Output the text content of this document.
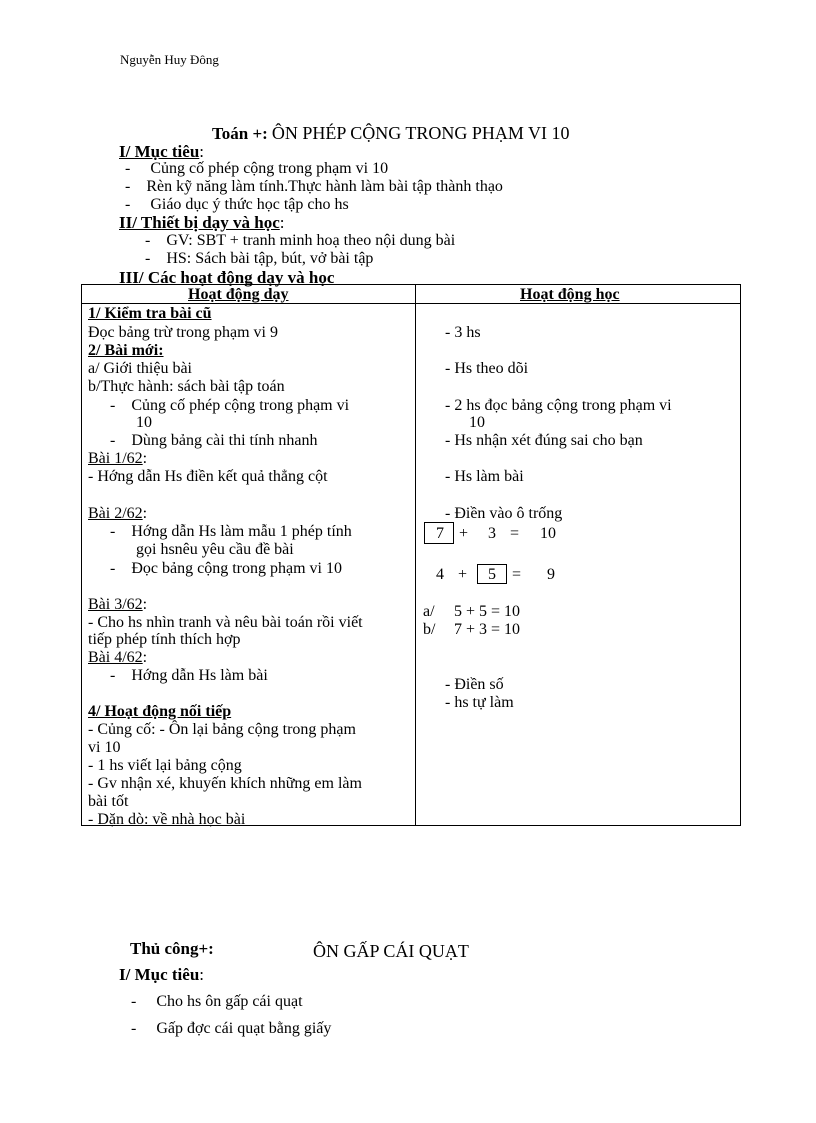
Nguyễn Huy Đông
Toán +: ÔN PHÉP CỘNG TRONG PHẠM VI 10
I/ Mục tiêu:
-     Củng cố phép cộng trong phạm vi 10
-    Rèn kỹ năng làm tính.Thực hành làm bài tập thành thạo
-     Giáo dục ý thức học tập cho hs
II/ Thiết bị dạy và học:
-    GV: SBT + tranh minh hoạ theo nội dung bài
-    HS: Sách bài tập, bút, vở bài tập
III/ Các hoạt động dạy và học
Hoạt động dạy	Hoạt động học
1/ Kiểm tra bài cũ
Đọc bảng trừ trong phạm vi 9
2/ Bài mới:
a/ Giới thiệu bài
b/Thực hành: sách bài tập toán
-    Củng cố phép cộng trong phạm vi
10
-    Dùng bảng cài thi tính nhanh
Bài 1/62:
- Hớng dẫn Hs điền kết quả thẳng cột
Bài 2/62:
-    Hớng dẫn Hs làm mẫu 1 phép tính
gọi hsnêu yêu cầu đề bài
-    Đọc bảng cộng trong phạm vi 10
Bài 3/62:
- Cho hs nhìn tranh và nêu bài toán rồi viết
tiếp phép tính thích hợp
Bài 4/62:
-    Hớng dẫn Hs làm bài
4/ Hoạt động nối tiếp
- Củng cố: - Ôn lại bảng cộng trong phạm
vi 10
- 1 hs viết lại bảng cộng
- Gv nhận xé, khuyến khích những em làm
bài tốt
- Dặn dò: về nhà học bài
- 3 hs
- Hs theo dõi
- 2 hs đọc bảng cộng trong phạm vi
10
- Hs nhận xét đúng sai cho bạn
- Hs làm bài
- Điền vào ô trống
7 + 3 = 10
4 + 5 = 9
a/ 5 + 5 = 10
b/ 7 + 3 = 10
- Điền số
- hs tự làm
Thủ công+:	ÔN GẤP CÁI QUẠT
I/ Mục tiêu:
-     Cho hs ôn gấp cái quạt
-     Gấp đợc cái quạt bằng giấy
